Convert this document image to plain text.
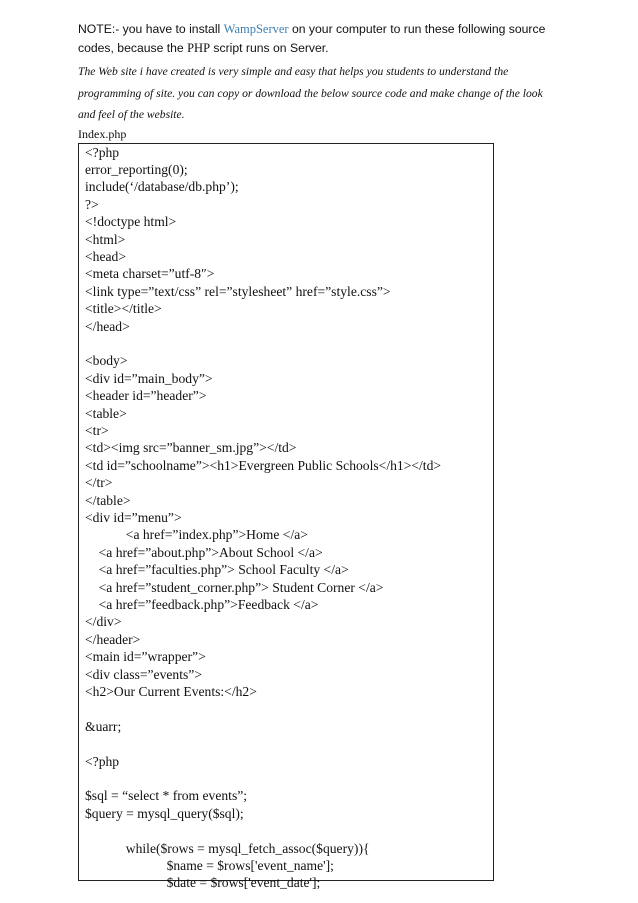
NOTE:- you have to install WampServer on your computer to run these following source codes, because the PHP script runs on Server.

The Web site i have created is very simple and easy that helps you students to understand the programming of site. you can copy or download the below source code and make change of the look and feel of the website.

Index.php

<?php
error_reporting(0);
include(‘/database/db.php’);
?>
<!doctype html>
<html>
<head>
<meta charset=”utf-8″>
<link type=”text/css” rel=”stylesheet” href=”style.css”>
<title></title>
</head>
<body>
<div id=”main_body”>
<header id=”header”>
<table>
<tr>
<td><img src=”banner_sm.jpg”></td>
<td id=”schoolname”><h1>Evergreen Public Schools</h1></td>
</tr>
</table>
<div id=”menu”>
<a href=”index.php”>Home </a>
<a href=”about.php”>About School </a>
<a href=”faculties.php”> School Faculty </a>
<a href=”student_corner.php”> Student Corner </a>
<a href=”feedback.php”>Feedback </a>
</div>
</header>
<main id=”wrapper”>
<div class=”events”>
<h2>Our Current Events:</h2>
&uarr;
<?php
$sql = “select * from events”;
$query = mysql_query($sql);
while($rows = mysql_fetch_assoc($query)){
$name = $rows['event_name'];
$date = $rows['event_date'];
